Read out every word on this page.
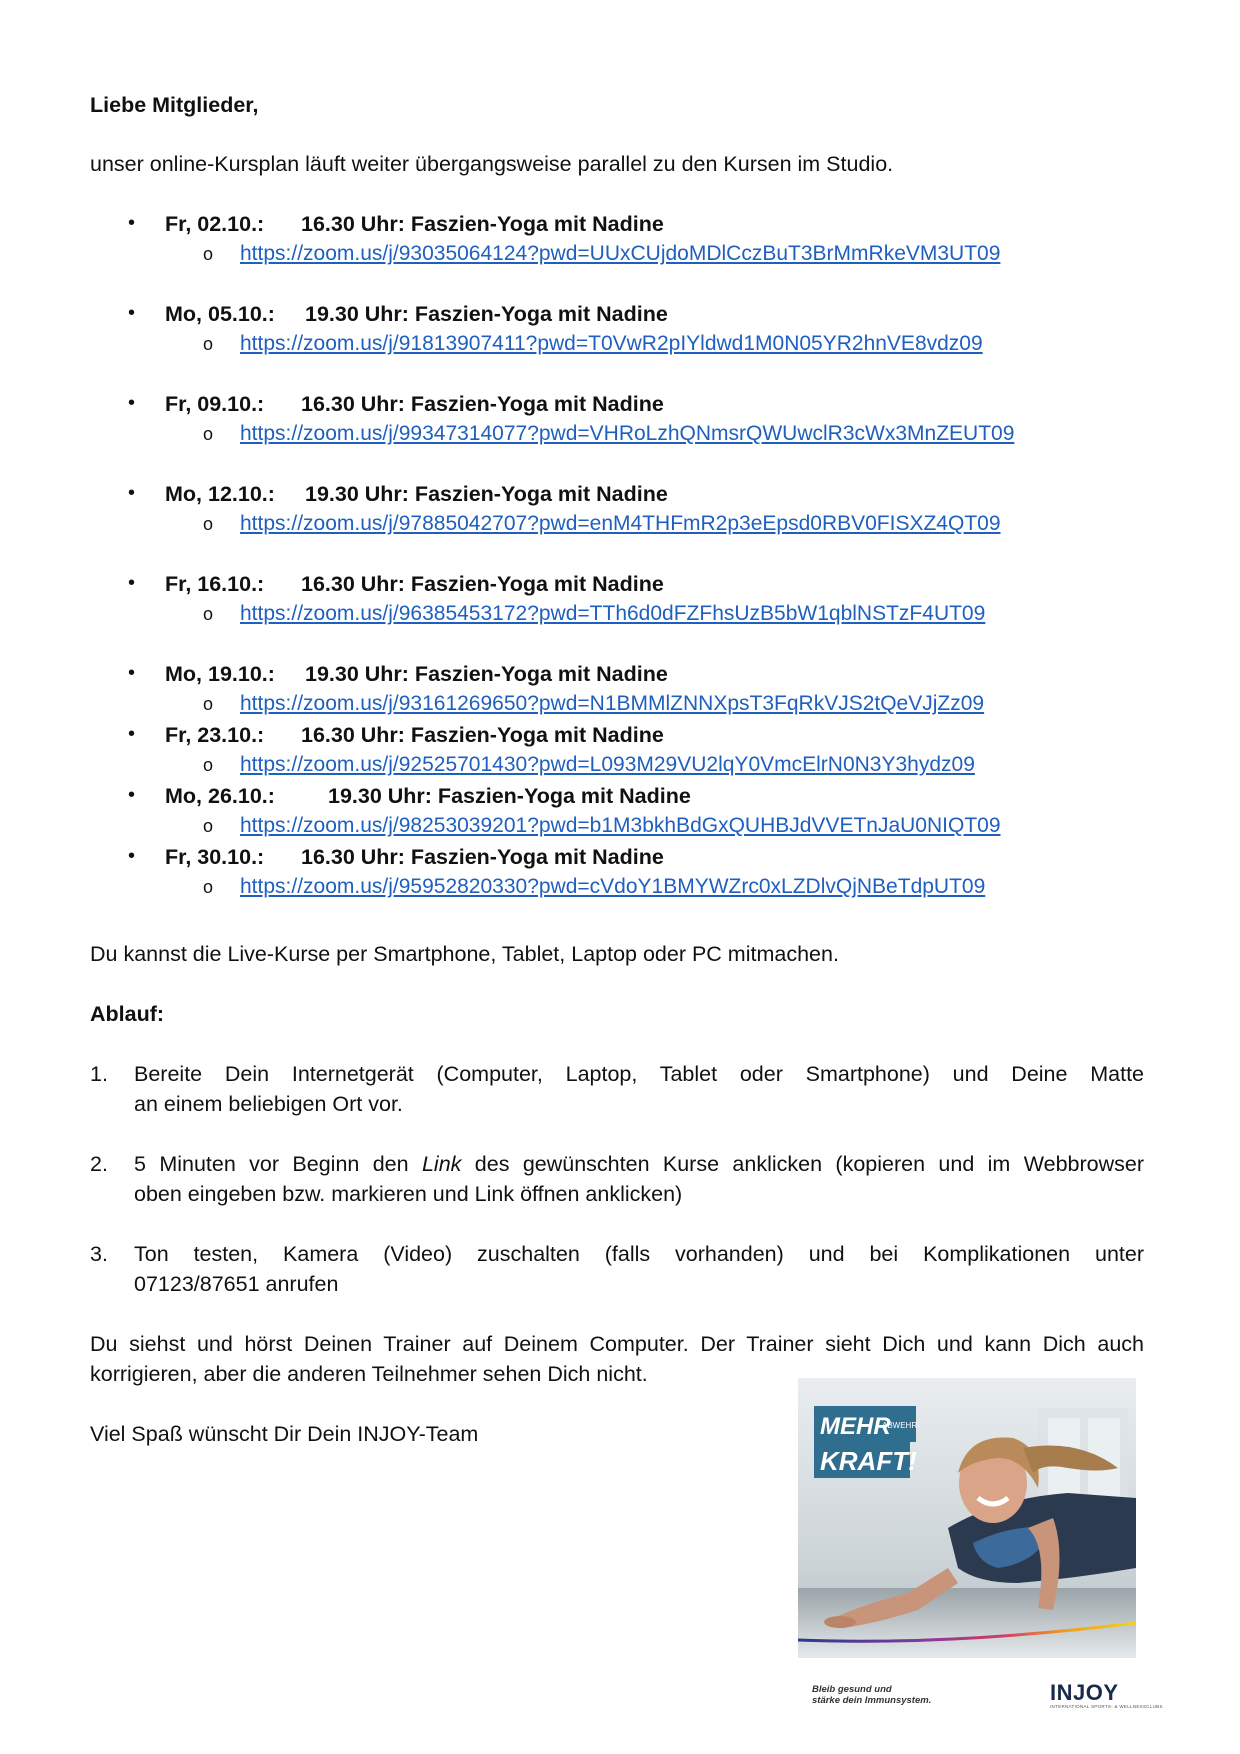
Liebe Mitglieder,
unser online-Kursplan läuft weiter übergangsweise parallel zu den Kursen im Studio.
• Fr, 02.10.: 16.30 Uhr: Faszien-Yoga mit Nadine
o https://zoom.us/j/93035064124?pwd=UUxCUjdoMDlCczBuT3BrMmRkeVM3UT09
• Mo, 05.10.: 19.30 Uhr: Faszien-Yoga mit Nadine
o https://zoom.us/j/91813907411?pwd=T0VwR2pIYldwd1M0N05YR2hnVE8vdz09
• Fr, 09.10.: 16.30 Uhr: Faszien-Yoga mit Nadine
o https://zoom.us/j/99347314077?pwd=VHRoLzhQNmsrQWUwclR3cWx3MnZEUT09
• Mo, 12.10.: 19.30 Uhr: Faszien-Yoga mit Nadine
o https://zoom.us/j/97885042707?pwd=enM4THFmR2p3eEpsd0RBV0FISXZ4QT09
• Fr, 16.10.: 16.30 Uhr: Faszien-Yoga mit Nadine
o https://zoom.us/j/96385453172?pwd=TTh6d0dFZFhsUzB5bW1qblNSTzF4UT09
• Mo, 19.10.: 19.30 Uhr: Faszien-Yoga mit Nadine
o https://zoom.us/j/93161269650?pwd=N1BMMlZNNXpsT3FqRkVJS2tQeVJjZz09
• Fr, 23.10.: 16.30 Uhr: Faszien-Yoga mit Nadine
o https://zoom.us/j/92525701430?pwd=L093M29VU2lqY0VmcElrN0N3Y3hydz09
• Mo, 26.10.: 19.30 Uhr: Faszien-Yoga mit Nadine
o https://zoom.us/j/98253039201?pwd=b1M3bkhBdGxQUHBJdVVETnJaU0NIQT09
• Fr, 30.10.: 16.30 Uhr: Faszien-Yoga mit Nadine
o https://zoom.us/j/95952820330?pwd=cVdoY1BMYWZrc0xLZDlvQjNBeTdpUT09
Du kannst die Live-Kurse per Smartphone, Tablet, Laptop oder PC mitmachen.
Ablauf:
1. Bereite Dein Internetgerät (Computer, Laptop, Tablet oder Smartphone) und Deine Matte
an einem beliebigen Ort vor.
2. 5 Minuten vor Beginn den Link des gewünschten Kurse anklicken (kopieren und im Webbrowser
oben eingeben bzw. markieren und Link öffnen anklicken)
3. Ton testen, Kamera (Video) zuschalten (falls vorhanden) und bei Komplikationen unter
07123/87651 anrufen
Du siehst und hörst Deinen Trainer auf Deinem Computer. Der Trainer sieht Dich und kann Dich auch
korrigieren, aber die anderen Teilnehmer sehen Dich nicht.
Viel Spaß wünscht Dir Dein INJOY-Team	MEHR
ABWEHR-
KRAFT!
Bleib gesund und
stärke dein Immunsystem.	INJOY
INTERNATIONAL SPORTS- & WELLNESSCLUBS
